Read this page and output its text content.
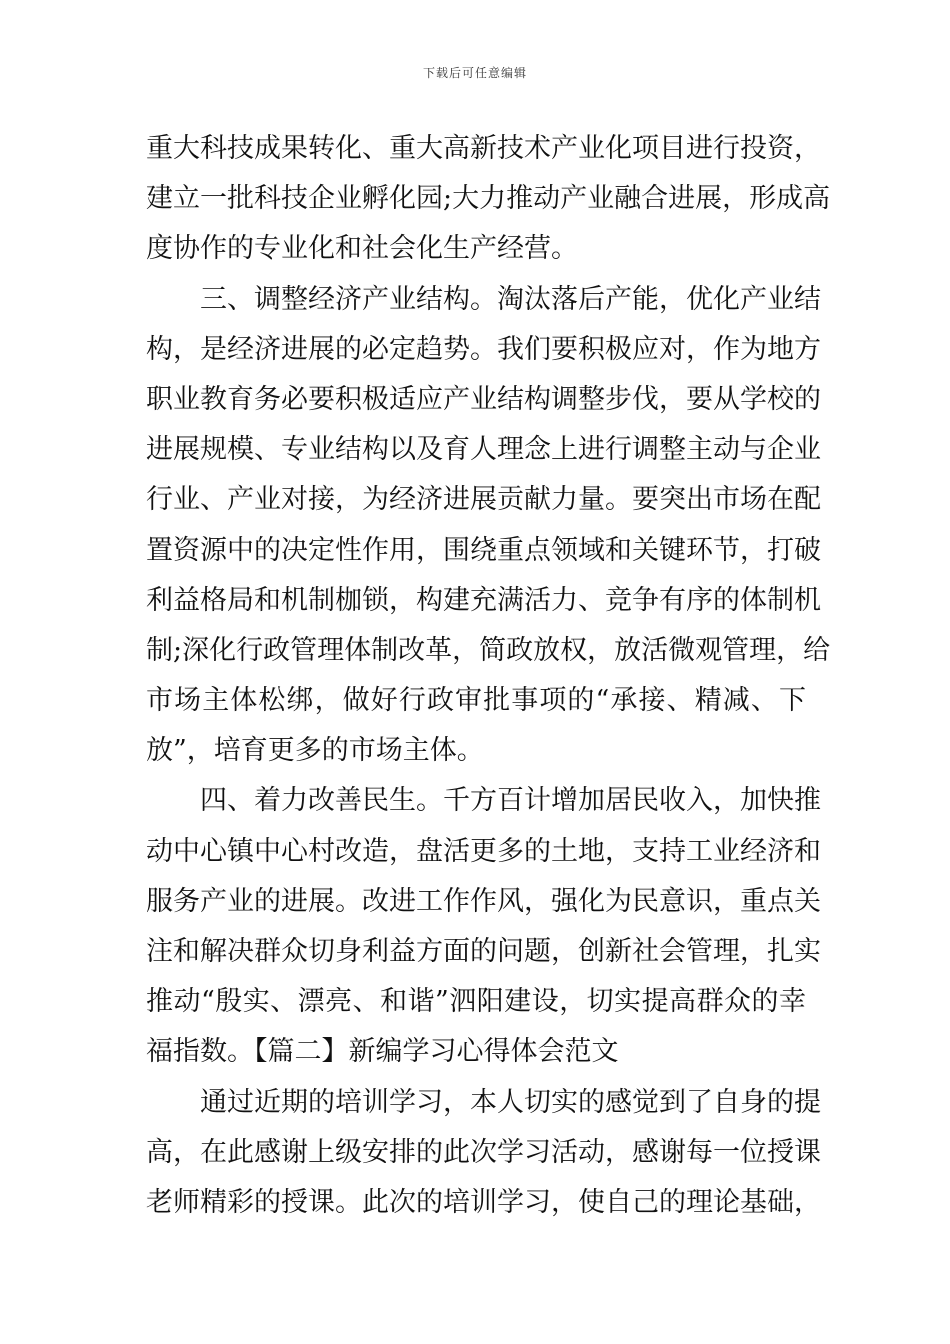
下载后可任意编辑
重大科技成果转化、重大高新技术产业化项目进行投资，
建立一批科技企业孵化园;大力推动产业融合进展，形成高
度协作的专业化和社会化生产经营。
三、调整经济产业结构。淘汰落后产能，优化产业结
构，是经济进展的必定趋势。我们要积极应对，作为地方
职业教育务必要积极适应产业结构调整步伐，要从学校的
进展规模、专业结构以及育人理念上进行调整主动与企业
行业、产业对接，为经济进展贡献力量。要突出市场在配
置资源中的决定性作用，围绕重点领域和关键环节，打破
利益格局和机制枷锁，构建充满活力、竞争有序的体制机
制;深化行政管理体制改革，简政放权，放活微观管理，给
市场主体松绑，做好行政审批事项的“承接、精减、下
放”，培育更多的市场主体。
四、着力改善民生。千方百计增加居民收入，加快推
动中心镇中心村改造，盘活更多的土地，支持工业经济和
服务产业的进展。改进工作作风，强化为民意识，重点关
注和解决群众切身利益方面的问题，创新社会管理，扎实
推动“殷实、漂亮、和谐”泗阳建设，切实提高群众的幸
福指数。【篇二】新编学习心得体会范文
通过近期的培训学习，本人切实的感觉到了自身的提
高，在此感谢上级安排的此次学习活动，感谢每一位授课
老师精彩的授课。此次的培训学习，使自己的理论基础，
